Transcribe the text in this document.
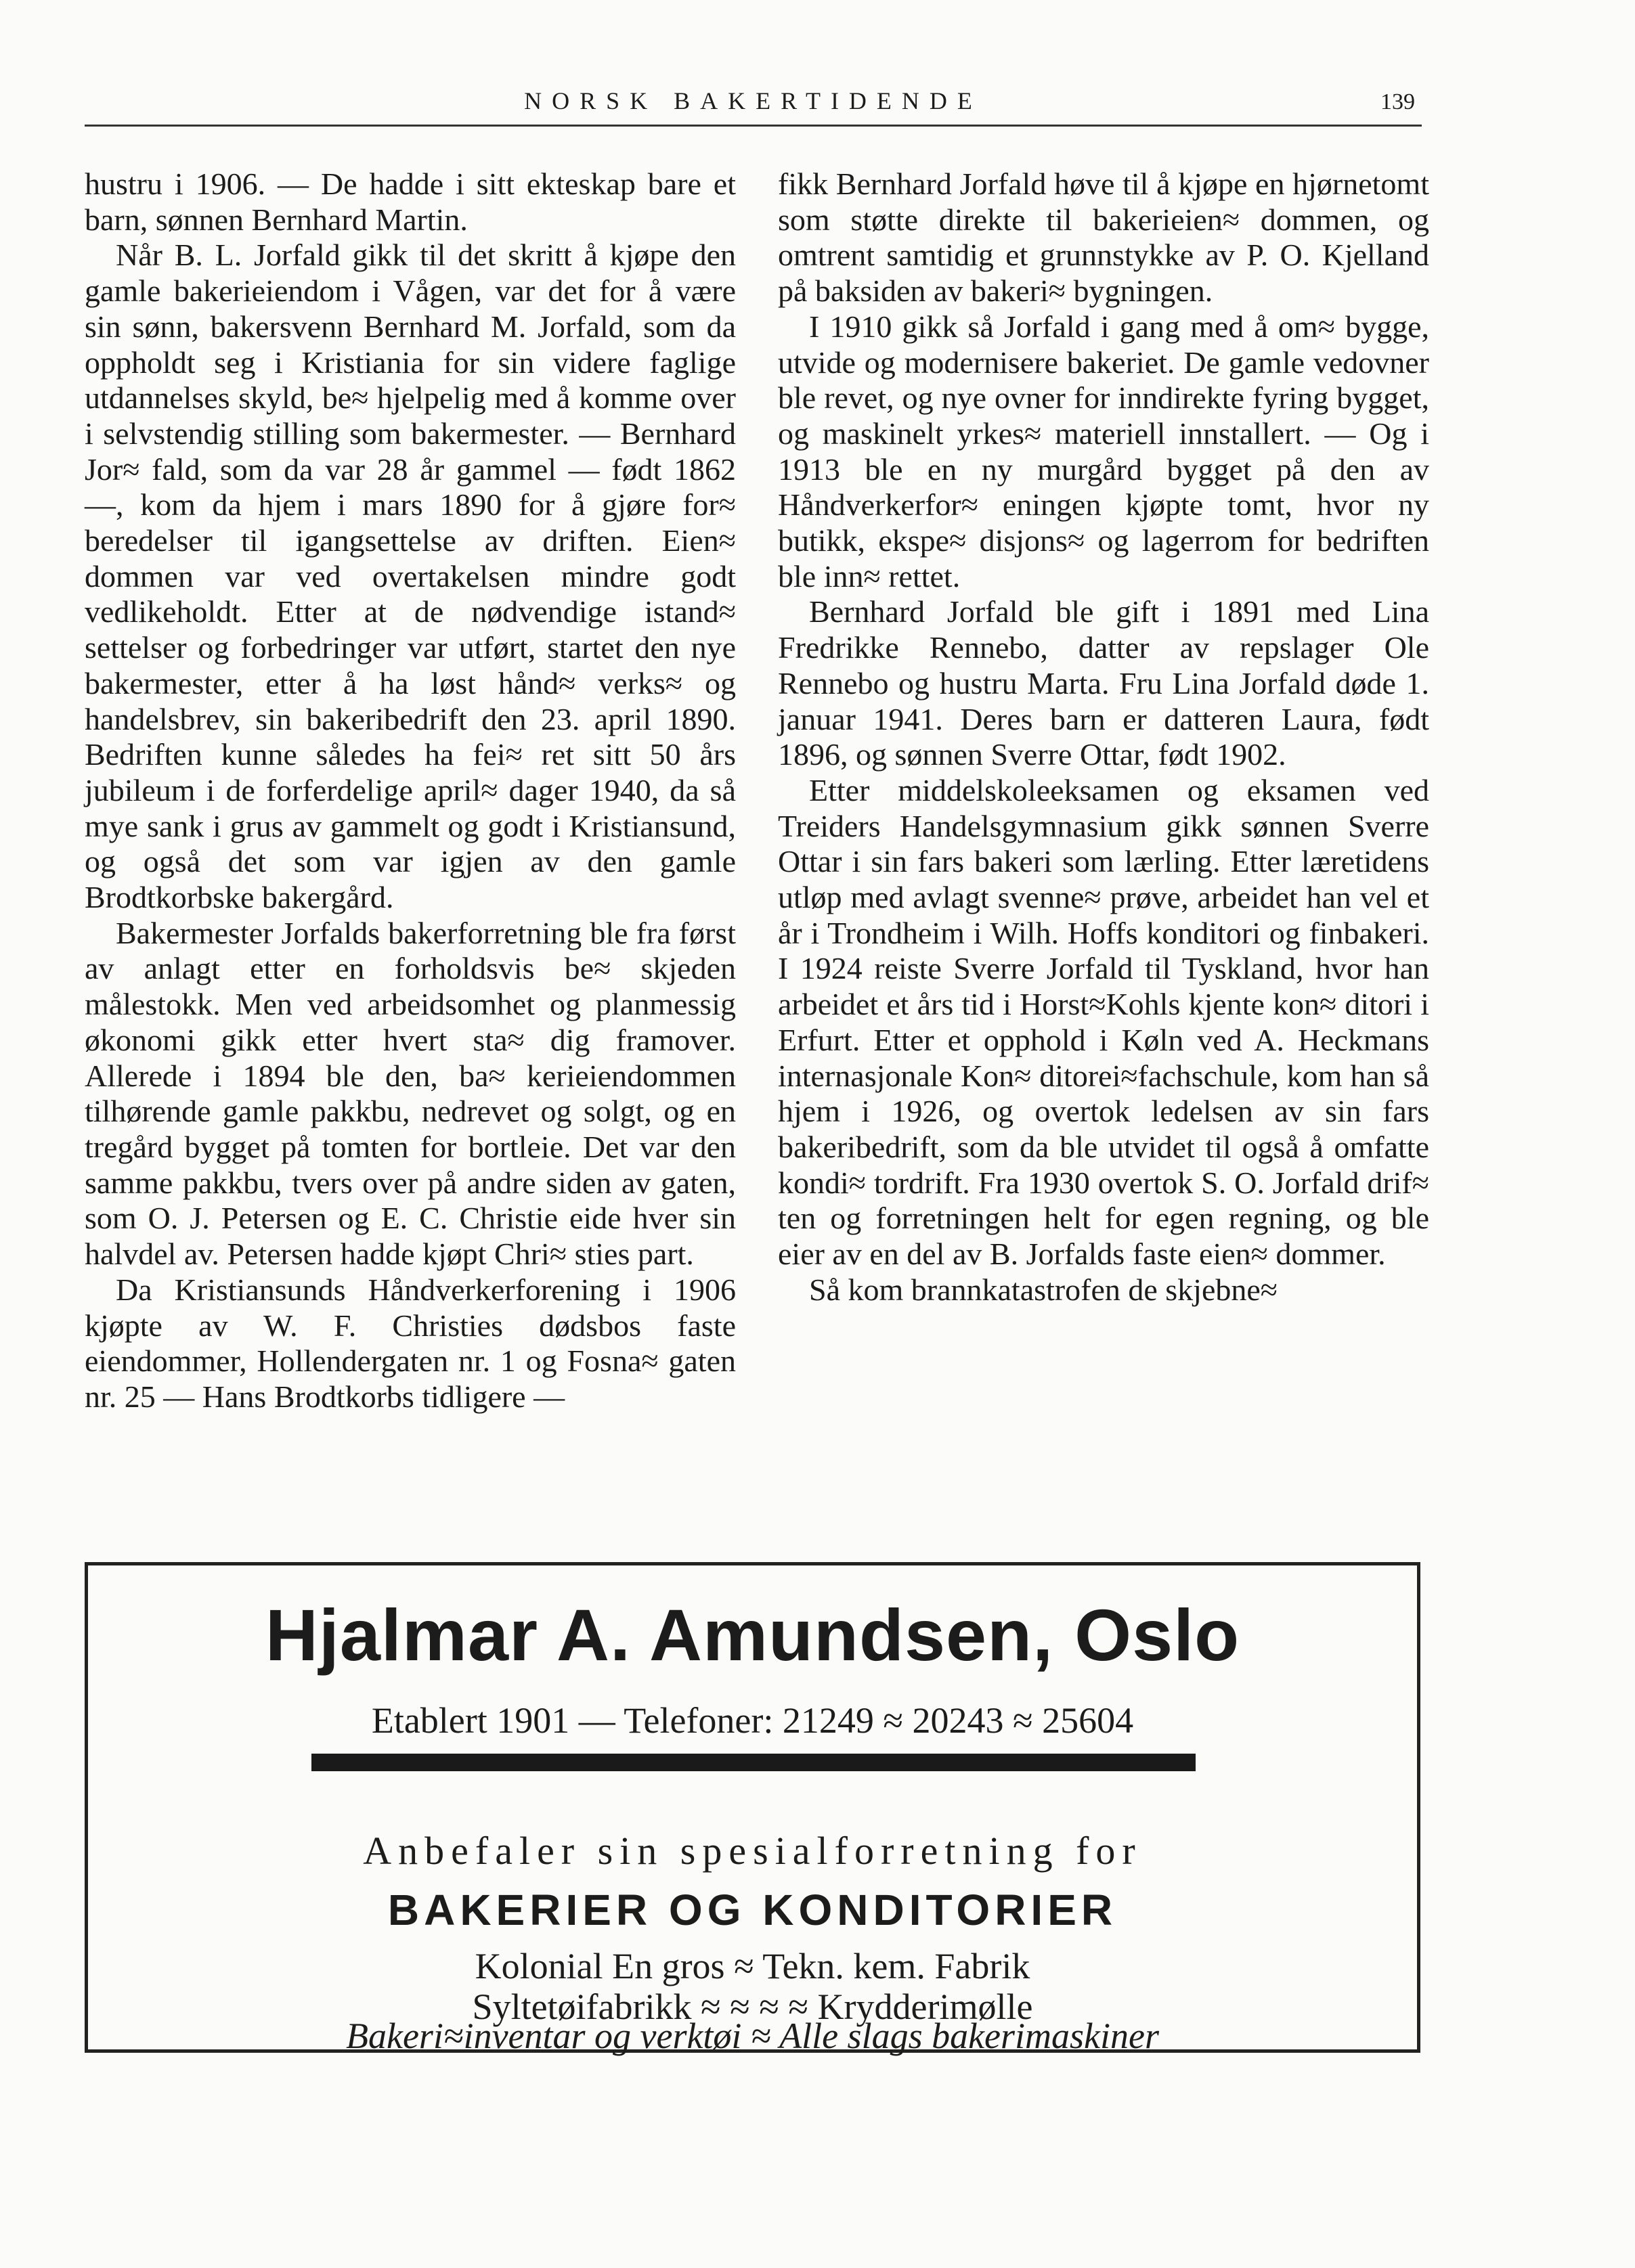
NORSK BAKERTIDENDE	139

hustru i 1906. — De hadde i sitt ekteskap bare et barn, sønnen Bernhard Martin.

Når B. L. Jorfald gikk til det skritt å kjøpe den gamle bakerieiendom i Vågen, var det for å være sin sønn, bakersvenn Bernhard M. Jorfald, som da oppholdt seg i Kristiania for sin videre faglige utdannelses skyld, be≈ hjelpelig med å komme over i selvstendig stilling som bakermester. — Bernhard Jor≈ fald, som da var 28 år gammel — født 1862 —, kom da hjem i mars 1890 for å gjøre for≈ beredelser til igangsettelse av driften. Eien≈ dommen var ved overtakelsen mindre godt vedlikeholdt. Etter at de nødvendige istand≈ settelser og forbedringer var utført, startet den nye bakermester, etter å ha løst hånd≈ verks≈ og handelsbrev, sin bakeribedrift den 23. april 1890. Bedriften kunne således ha fei≈ ret sitt 50 års jubileum i de forferdelige april≈ dager 1940, da så mye sank i grus av gammelt og godt i Kristiansund, og også det som var igjen av den gamle Brodtkorbske bakergård.

Bakermester Jorfalds bakerforretning ble fra først av anlagt etter en forholdsvis be≈ skjeden målestokk. Men ved arbeidsomhet og planmessig økonomi gikk etter hvert sta≈ dig framover. Allerede i 1894 ble den, ba≈ kerieiendommen tilhørende gamle pakkbu, nedrevet og solgt, og en tregård bygget på tomten for bortleie. Det var den samme pakkbu, tvers over på andre siden av gaten, som O. J. Petersen og E. C. Christie eide hver sin halvdel av. Petersen hadde kjøpt Chri≈ sties part.

Da Kristiansunds Håndverkerforening i 1906 kjøpte av W. F. Christies dødsbos faste eiendommer, Hollendergaten nr. 1 og Fosna≈ gaten nr. 25 — Hans Brodtkorbs tidligere —

fikk Bernhard Jorfald høve til å kjøpe en hjørnetomt som støtte direkte til bakerieien≈ dommen, og omtrent samtidig et grunnstykke av P. O. Kjelland på baksiden av bakeri≈ bygningen.

I 1910 gikk så Jorfald i gang med å om≈ bygge, utvide og modernisere bakeriet. De gamle vedovner ble revet, og nye ovner for inndirekte fyring bygget, og maskinelt yrkes≈ materiell innstallert. — Og i 1913 ble en ny murgård bygget på den av Håndverkerfor≈ eningen kjøpte tomt, hvor ny butikk, ekspe≈ disjons≈ og lagerrom for bedriften ble inn≈ rettet.

Bernhard Jorfald ble gift i 1891 med Lina Fredrikke Rennebo, datter av repslager Ole Rennebo og hustru Marta. Fru Lina Jorfald døde 1. januar 1941. Deres barn er datteren Laura, født 1896, og sønnen Sverre Ottar, født 1902.

Etter middelskoleeksamen og eksamen ved Treiders Handelsgymnasium gikk sønnen Sverre Ottar i sin fars bakeri som lærling. Etter læretidens utløp med avlagt svenne≈ prøve, arbeidet han vel et år i Trondheim i Wilh. Hoffs konditori og finbakeri. I 1924 reiste Sverre Jorfald til Tyskland, hvor han arbeidet et års tid i Horst≈Kohls kjente kon≈ ditori i Erfurt. Etter et opphold i Køln ved A. Heckmans internasjonale Kon≈ ditorei≈fachschule, kom han så hjem i 1926, og overtok ledelsen av sin fars bakeribedrift, som da ble utvidet til også å omfatte kondi≈ tordrift. Fra 1930 overtok S. O. Jorfald drif≈ ten og forretningen helt for egen regning, og ble eier av en del av B. Jorfalds faste eien≈ dommer.

Så kom brannkatastrofen de skjebne≈

Hjalmar A. Amundsen, Oslo
Etablert 1901 — Telefoner: 21249 ≈ 20243 ≈ 25604
Anbefaler sin spesialforretning for
BAKERIER OG KONDITORIER
Kolonial En gros ≈ Tekn. kem. Fabrik
Syltetøifabrikk ≈ ≈ ≈ ≈ Krydderimølle
Bakeri≈inventar og verktøi ≈ Alle slags bakerimaskiner
